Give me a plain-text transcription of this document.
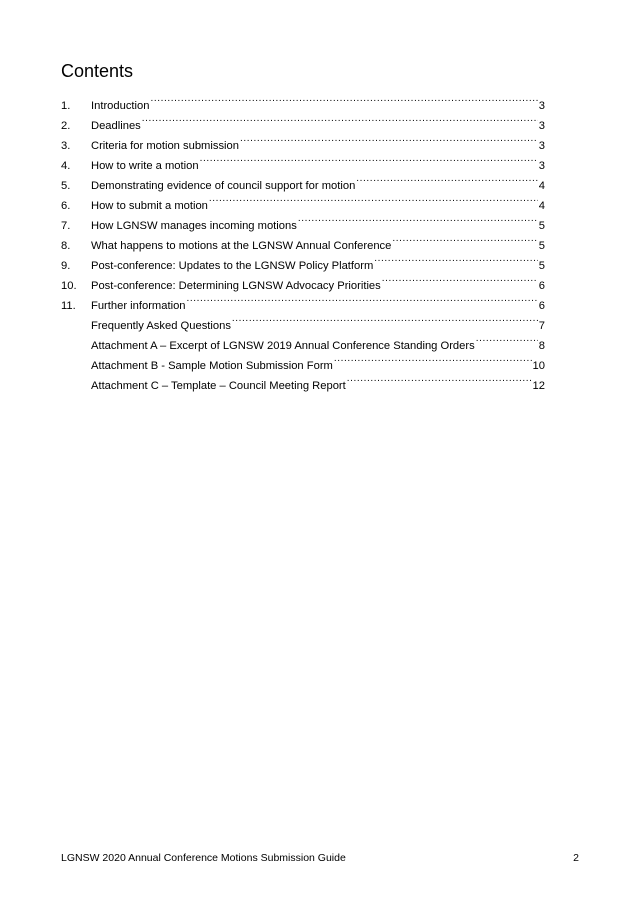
Contents
1.	Introduction .....	3
2.	Deadlines .....	3
3.	Criteria for motion submission .....	3
4.	How to write a motion .....	3
5.	Demonstrating evidence of council support for motion .....	4
6.	How to submit a motion .....	4
7.	How LGNSW manages incoming motions .....	5
8.	What happens to motions at the LGNSW Annual Conference .....	5
9.	Post-conference: Updates to the LGNSW Policy Platform .....	5
10.	Post-conference: Determining LGNSW Advocacy Priorities .....	6
11.	Further information .....	6
Frequently Asked Questions .....	7
Attachment A – Excerpt of LGNSW 2019 Annual Conference Standing Orders .....	8
Attachment B - Sample Motion Submission Form .....	10
Attachment C – Template – Council Meeting Report .....	12
LGNSW 2020 Annual Conference Motions Submission Guide	2
